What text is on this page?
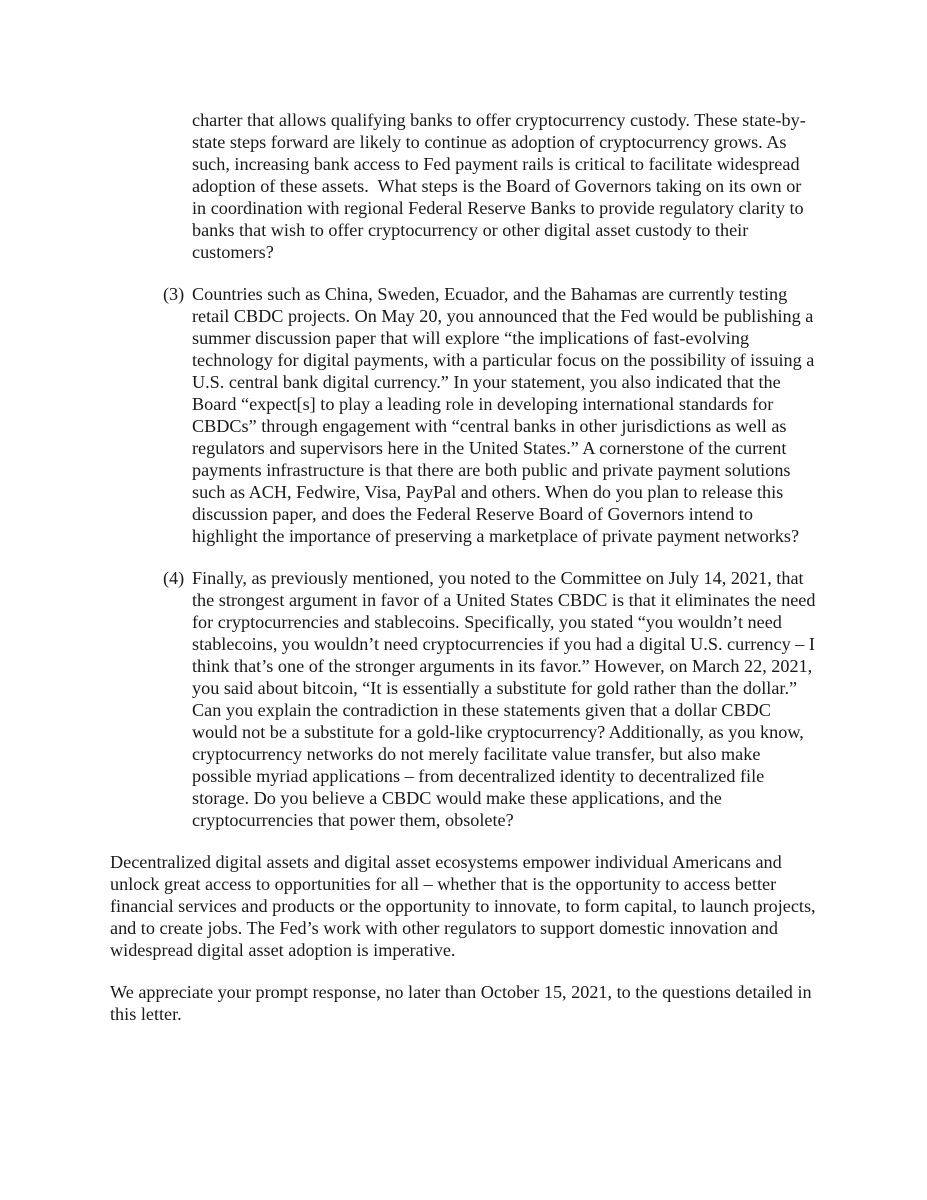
charter that allows qualifying banks to offer cryptocurrency custody. These state-by-state steps forward are likely to continue as adoption of cryptocurrency grows. As such, increasing bank access to Fed payment rails is critical to facilitate widespread adoption of these assets.  What steps is the Board of Governors taking on its own or in coordination with regional Federal Reserve Banks to provide regulatory clarity to banks that wish to offer cryptocurrency or other digital asset custody to their customers?

(3) Countries such as China, Sweden, Ecuador, and the Bahamas are currently testing retail CBDC projects. On May 20, you announced that the Fed would be publishing a summer discussion paper that will explore “the implications of fast-evolving technology for digital payments, with a particular focus on the possibility of issuing a U.S. central bank digital currency.” In your statement, you also indicated that the Board “expect[s] to play a leading role in developing international standards for CBDCs” through engagement with “central banks in other jurisdictions as well as regulators and supervisors here in the United States.” A cornerstone of the current payments infrastructure is that there are both public and private payment solutions such as ACH, Fedwire, Visa, PayPal and others. When do you plan to release this discussion paper, and does the Federal Reserve Board of Governors intend to highlight the importance of preserving a marketplace of private payment networks?

(4) Finally, as previously mentioned, you noted to the Committee on July 14, 2021, that the strongest argument in favor of a United States CBDC is that it eliminates the need for cryptocurrencies and stablecoins. Specifically, you stated “you wouldn’t need stablecoins, you wouldn’t need cryptocurrencies if you had a digital U.S. currency – I think that’s one of the stronger arguments in its favor.” However, on March 22, 2021, you said about bitcoin, “It is essentially a substitute for gold rather than the dollar.” Can you explain the contradiction in these statements given that a dollar CBDC would not be a substitute for a gold-like cryptocurrency? Additionally, as you know, cryptocurrency networks do not merely facilitate value transfer, but also make possible myriad applications – from decentralized identity to decentralized file storage. Do you believe a CBDC would make these applications, and the cryptocurrencies that power them, obsolete?

Decentralized digital assets and digital asset ecosystems empower individual Americans and unlock great access to opportunities for all – whether that is the opportunity to access better financial services and products or the opportunity to innovate, to form capital, to launch projects, and to create jobs. The Fed’s work with other regulators to support domestic innovation and widespread digital asset adoption is imperative.

We appreciate your prompt response, no later than October 15, 2021, to the questions detailed in this letter.
